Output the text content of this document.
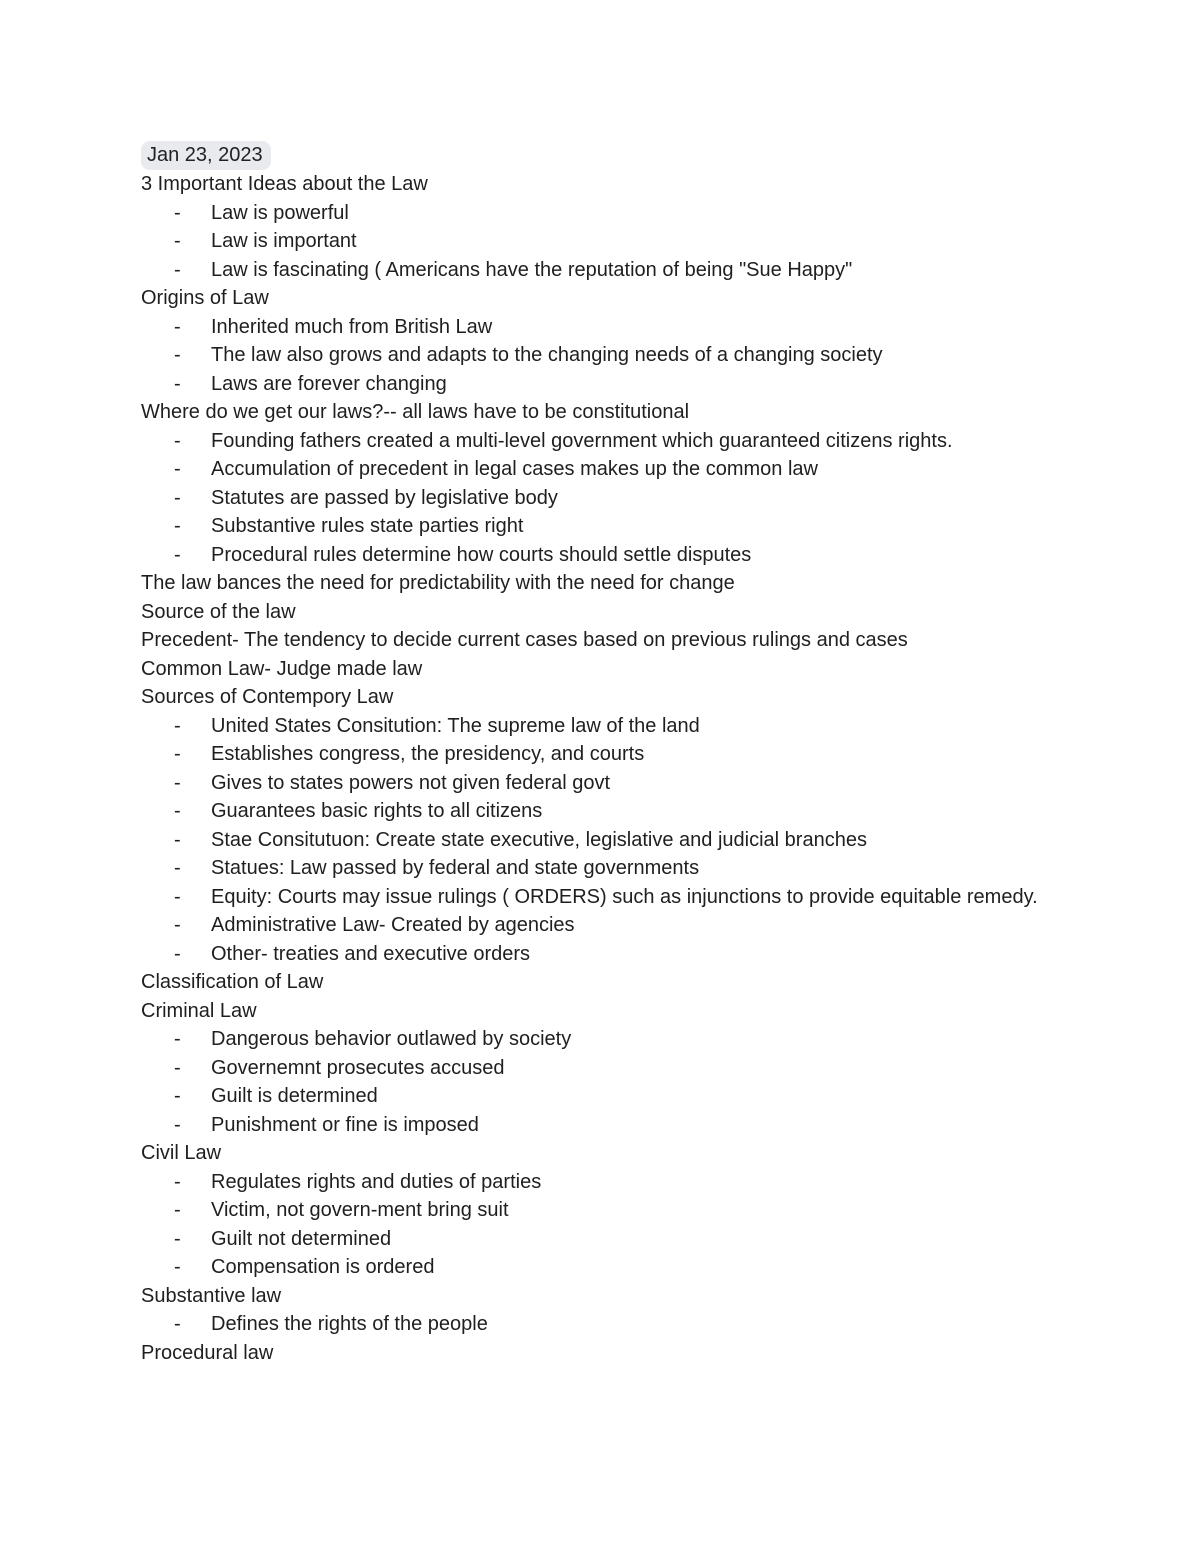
Jan 23, 2023
3 Important Ideas about the Law
- Law is powerful
- Law is important
- Law is fascinating ( Americans have the reputation of being "Sue Happy"
Origins of Law
- Inherited much from British Law
- The law also grows and adapts to the changing needs of a changing society
- Laws are forever changing
Where do we get our laws?-- all laws have to be constitutional
- Founding fathers created a multi-level government which guaranteed citizens rights.
- Accumulation of precedent in legal cases makes up the common law
- Statutes are passed by legislative body
- Substantive rules state parties right
- Procedural rules determine how courts should settle disputes
The law bances the need for predictability with the need for change
Source of the law
Precedent- The tendency to decide current cases based on previous rulings and cases
Common Law- Judge made law
Sources of Contempory Law
- United States Consitution: The supreme law of the land
- Establishes congress, the presidency, and courts
- Gives to states powers not given federal govt
- Guarantees basic rights to all citizens
- Stae Consitutuon: Create state executive, legislative and judicial branches
- Statues: Law passed by federal and state governments
- Equity: Courts may issue rulings ( ORDERS) such as injunctions to provide equitable remedy.
- Administrative Law- Created by agencies
- Other- treaties and executive orders
Classification of Law
Criminal Law
- Dangerous behavior outlawed by society
- Governemnt prosecutes accused
- Guilt is determined
- Punishment or fine is imposed
Civil Law
- Regulates rights and duties of parties
- Victim, not govern-ment bring suit
- Guilt not determined
- Compensation is ordered
Substantive law
- Defines the rights of the people
Procedural law
